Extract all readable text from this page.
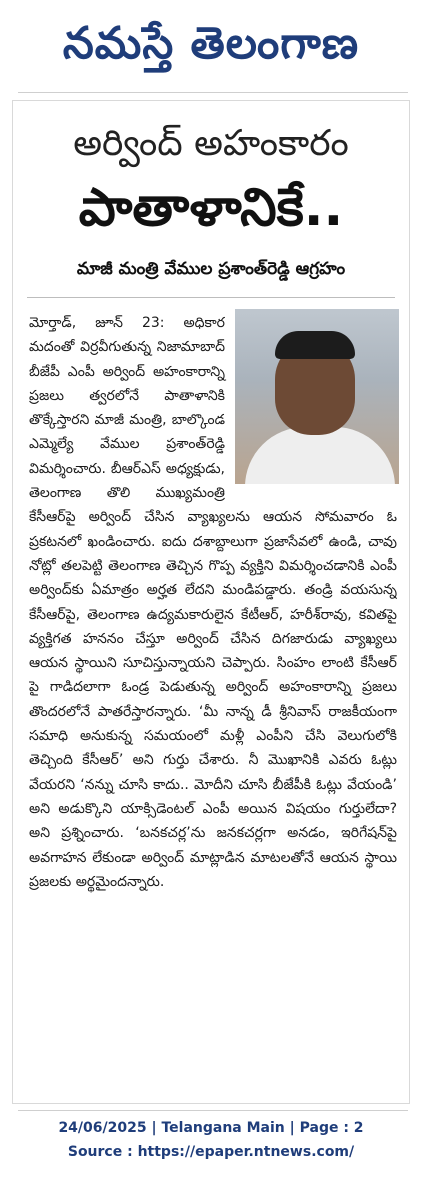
నమస్తే తెలంగాణ
అర్వింద్ అహంకారం
పాతాళానికే..
మాజీ మంత్రి వేముల ప్రశాంత్‌రెడ్డి ఆగ్రహం
మోర్తాడ్, జూన్ 23: అధికార మదంతో విర్రవీగుతున్న నిజామాబాద్ బీజేపీ ఎంపీ అర్వింద్ అహంకారాన్ని ప్రజలు త్వరలోనే పాతాళానికి తొక్కేస్తారని మాజీ మంత్రి, బాల్కొండ ఎమ్మెల్యే వేముల ప్రశాంత్‌రెడ్డి విమర్శించారు. బీఆర్‌ఎస్ అధ్యక్షుడు, తెలంగాణ తొలి ముఖ్యమంత్రి కేసీఆర్‌పై అర్వింద్ చేసిన వ్యాఖ్యలను ఆయన సోమవారం ఓ ప్రకటనలో ఖండించారు. ఐదు దశాబ్దాలుగా ప్రజాసేవలో ఉండి, చావు నోట్లో తలపెట్టి తెలంగాణ తెచ్చిన గొప్ప వ్యక్తిని విమర్శించడానికి ఎంపీ అర్వింద్‌కు ఏమాత్రం అర్హత లేదని మండిపడ్డారు. తండ్రి వయసున్న కేసీఆర్‌పై, తెలంగాణ ఉద్యమకారులైన కేటీఆర్, హరీశ్‌రావు, కవితపై వ్యక్తిగత హననం చేస్తూ అర్వింద్ చేసిన దిగజారుడు వ్యాఖ్యలు ఆయన స్థాయిని సూచిస్తున్నాయని చెప్పారు. సింహం లాంటి కేసీఆర్ పై గాడిదలాగా ఓండ్ర పెడుతున్న అర్వింద్ అహంకారాన్ని ప్రజలు తొందరలోనే పాతరేస్తారన్నారు. ‘మీ నాన్న డీ శ్రీనివాస్ రాజకీయంగా సమాధి అనుకున్న సమయంలో మళ్లీ ఎంపీని చేసి వెలుగులోకి తెచ్చింది కేసీఆర్’ అని గుర్తు చేశారు. నీ మొఖానికి ఎవరు ఓట్లు వేయరని ‘నన్ను చూసి కాదు.. మోదీని చూసి బీజేపీకి ఓట్లు వేయండి’ అని అడుక్కొని యాక్సిడెంటల్ ఎంపీ అయిన విషయం గుర్తులేదా? అని ప్రశ్నించారు. ‘బనకచర్ల’ను జనకచర్లగా అనడం, ఇరిగేషన్‌పై అవగాహన లేకుండా అర్వింద్ మాట్లాడిన మాటలతోనే ఆయన స్థాయి ప్రజలకు అర్థమైందన్నారు.
24/06/2025 | Telangana Main | Page : 2
Source : https://epaper.ntnews.com/
